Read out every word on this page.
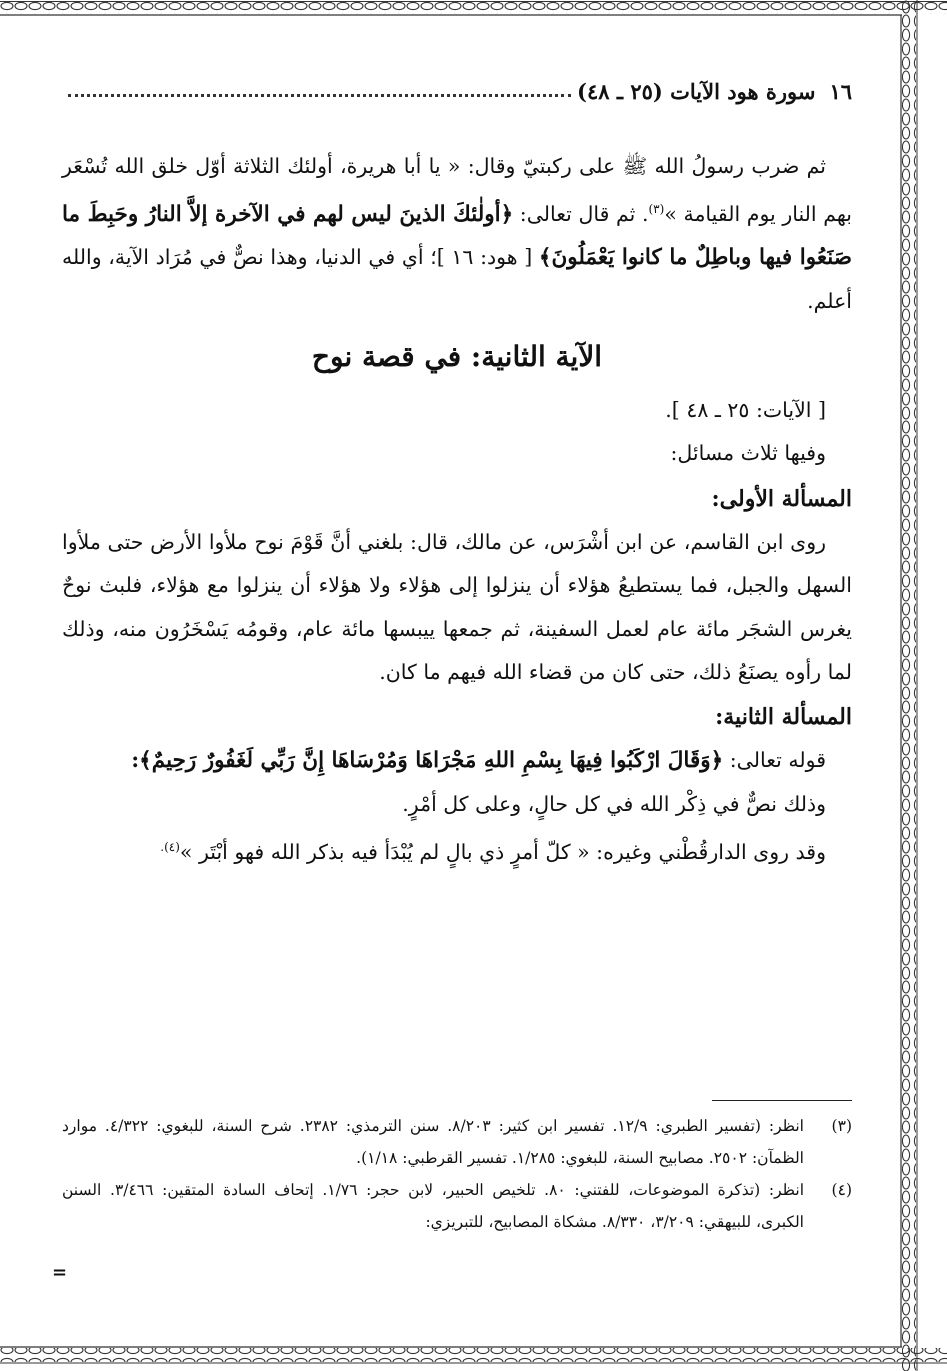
١٦
سورة هود الآيات (٢٥ ـ ٤٨)

ثم ضرب رسولُ الله ﷺ على ركبتيّ وقال: « يا أبا هريرة، أولئك الثلاثة أوّل خلق الله تُسْعَر بهم النار يوم القيامة »$^{(٣)}$. ثم قال تعالى: ﴿أولٰئكَ الذينَ ليس لهم في الآخرة إلاَّ النارُ وحَبِطَ ما صَنَعُوا فيها وباطِلٌ ما كانوا يَعْمَلُونَ﴾ [ هود: ١٦ ]؛ أي في الدنيا، وهذا نصٌّ في مُرَاد الآية، والله أعلم.

الآية الثانية: في قصة نوح

[ الآيات: ٢٥ ـ ٤٨ ].

وفيها ثلاث مسائل:

المسألة الأولى:

روى ابن القاسم، عن ابن أشْرَس، عن مالك، قال: بلغني أنَّ قَوْمَ نوح ملأوا الأرض حتى ملأوا السهل والجبل، فما يستطيعُ هؤلاء أن ينزلوا إلى هؤلاء ولا هؤلاء أن ينزلوا مع هؤلاء، فلبث نوحٌ يغرس الشجَر مائة عام لعمل السفينة، ثم جمعها ييبسها مائة عام، وقومُه يَسْخَرُون منه، وذلك لما رأوه يصنَعُ ذلك، حتى كان من قضاء الله فيهم ما كان.

المسألة الثانية:

قوله تعالى: ﴿وَقَالَ ارْكَبُوا فِيهَا بِسْمِ اللهِ مَجْرَاهَا وَمُرْسَاهَا إِنَّ رَبِّي لَغَفُورٌ رَحِيمٌ﴾:

وذلك نصٌّ في ذِكْر الله في كل حالٍ، وعلى كل أمْرٍ.

وقد روى الدارقُطْني وغيره: « كلّ أمرٍ ذي بالٍ لم يُبْدَأ فيه بذكر الله فهو أبْتَر »$^{(٤).}$

(٣)
انظر: (تفسير الطبري: ١٢/٩. تفسير ابن كثير: ٨/٢٠٣. سنن الترمذي: ٢٣٨٢. شرح السنة، للبغوي: ٤/٣٢٢. موارد الظمآن: ٢٥٠٢. مصابيح السنة، للبغوي: ١/٢٨٥. تفسير القرطبي: ١/١٨).
(٤)
انظر: (تذكرة الموضوعات، للفتني: ٨٠. تلخيص الحبير، لابن حجر: ١/٧٦. إتحاف السادة المتقين: ٣/٤٦٦. السنن الكبرى، للبيهقي: ٣/٢٠٩، ٨/٣٣٠. مشكاة المصابيح، للتبريزي:
=
